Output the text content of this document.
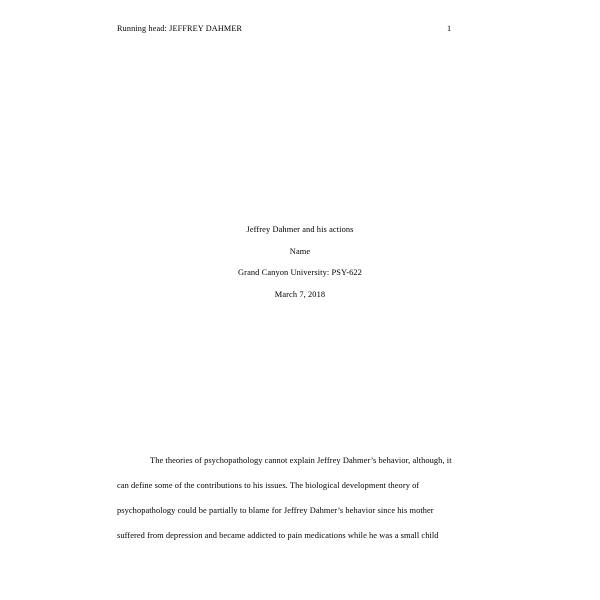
Running head: JEFFREY DAHMER	1
Jeffrey Dahmer and his actions
Name
Grand Canyon University: PSY-622
March 7, 2018

The theories of psychopathology cannot explain Jeffrey Dahmer’s behavior, although, it

can define some of the contributions to his issues. The biological development theory of

psychopathology could be partially to blame for Jeffrey Dahmer’s behavior since his mother

suffered from depression and became addicted to pain medications while he was a small child
